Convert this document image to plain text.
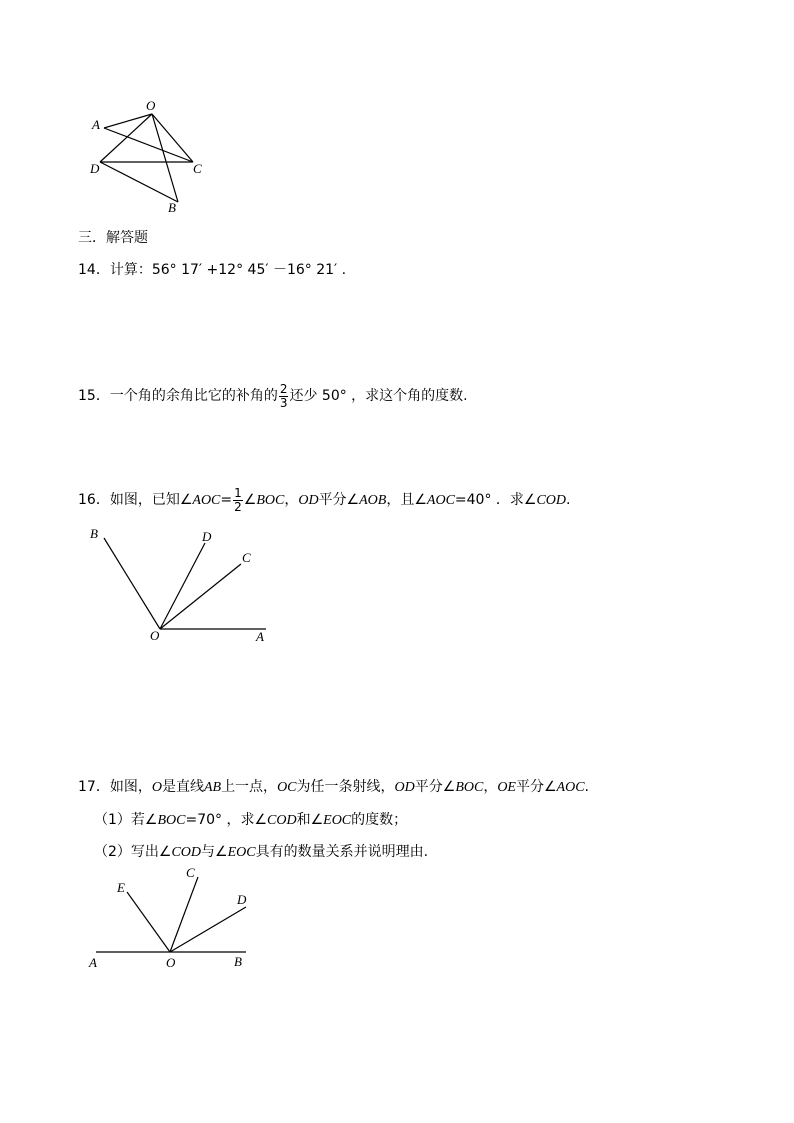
O
A
D	C
B
三．解答题
14．计算：56° 17′ +12° 45′ －16° 21′ .
15．一个角的余角比它的补角的 $\frac{2}{3}$ 还少 50° ，求这个角的度数.
16．如图，已知∠AOC= $\frac{1}{2}$ ∠BOC，OD平分∠AOB，且∠AOC=40° ．求∠COD.
B	D
C
O	A
17．如图，O是直线AB上一点，OC为任一条射线，OD平分∠BOC，OE平分∠AOC.
（1）若∠BOC=70° ，求∠COD和∠EOC的度数；
（2）写出∠COD与∠EOC具有的数量关系并说明理由.
E
C
D
A	O	B
